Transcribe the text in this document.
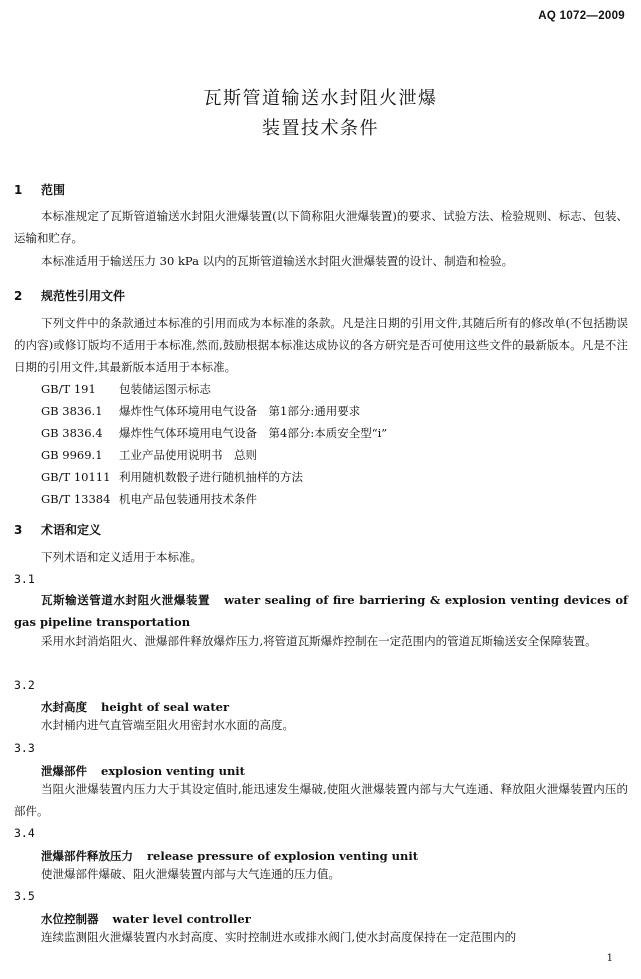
AQ 1072—2009
瓦斯管道输送水封阻火泄爆
装置技术条件
1 范围
本标准规定了瓦斯管道输送水封阻火泄爆装置(以下简称阻火泄爆装置)的要求、试验方法、检验规则、标志、包装、运输和贮存。
本标准适用于输送压力 30 kPa 以内的瓦斯管道输送水封阻火泄爆装置的设计、制造和检验。
2 规范性引用文件
下列文件中的条款通过本标准的引用而成为本标准的条款。凡是注日期的引用文件,其随后所有的修改单(不包括勘误的内容)或修订版均不适用于本标准,然而,鼓励根据本标准达成协议的各方研究是否可使用这些文件的最新版本。凡是不注日期的引用文件,其最新版本适用于本标准。
GB/T 191 包装储运图示标志
GB 3836.1 爆炸性气体环境用电气设备　第1部分:通用要求
GB 3836.4 爆炸性气体环境用电气设备　第4部分:本质安全型“i”
GB 9969.1 工业产品使用说明书　总则
GB/T 10111 利用随机数骰子进行随机抽样的方法
GB/T 13384 机电产品包装通用技术条件
3 术语和定义
下列术语和定义适用于本标准。
3.1
瓦斯输送管道水封阻火泄爆装置 water sealing of fire barriering & explosion venting devices of gas pipeline transportation
采用水封消焰阻火、泄爆部件释放爆炸压力,将管道瓦斯爆炸控制在一定范围内的管道瓦斯输送安全保障装置。
3.2
水封高度 height of seal water
水封桶内进气直管端至阻火用密封水水面的高度。
3.3
泄爆部件 explosion venting unit
当阻火泄爆装置内压力大于其设定值时,能迅速发生爆破,使阻火泄爆装置内部与大气连通、释放阻火泄爆装置内压的部件。
3.4
泄爆部件释放压力 release pressure of explosion venting unit
使泄爆部件爆破、阻火泄爆装置内部与大气连通的压力值。
3.5
水位控制器 water level controller
连续监测阻火泄爆装置内水封高度、实时控制进水或排水阀门,使水封高度保持在一定范围内的
1
